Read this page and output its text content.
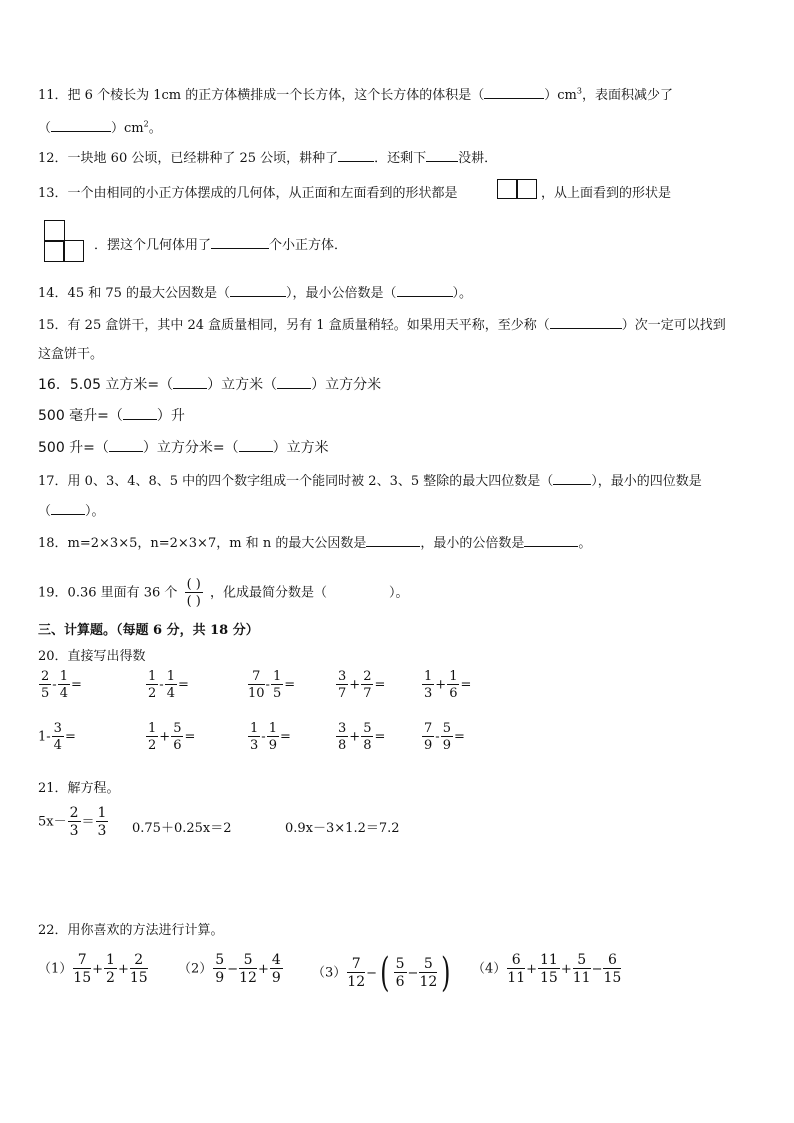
11．把 6 个棱长为 1cm 的正方体横排成一个长方体，这个长方体的体积是（	）$cm^3$，表面积减少了
（	）$cm^2$。
12．一块地 60 公顷，已经耕种了 25 公顷，耕种了	．还剩下 没耕．
13．一个由相同的小正方体摆成的几何体，从正面和左面看到的形状都是	，从上面看到的形状是
．摆这个几何体用了	个小正方体．
14．45 和 75 的最大公因数是（	），最小公倍数是（	）。
15．有 25 盒饼干，其中 24 盒质量相同，另有 1 盒质量稍轻。如果用天平称，至少称（	）次一定可以找到
这盒饼干。
16．5.05 立方米=（ ）立方米（ ）立方分米
500 毫升=（ ）升
500 升=（ ）立方分米=（ ）立方米
17．用 0、3、4、8、5 中的四个数字组成一个能同时被 2、3、5 整除的最大四位数是（	），最小的四位数是
（	）。
18．m=2×3×5，n=2×3×7，m 和 n 的最大公因数是	，最小的公倍数是	。
19．0.36 里面有 36 个 $\frac{( )}{( )}$ ，化成最简分数是（	）。
三、计算题。（每题 6 分，共 18 分）
20．直接写出得数
$\frac{2}{5} - \frac{1}{4}$ =	$\frac{1}{2} - \frac{1}{4}$ =	$\frac{7}{10} - \frac{1}{5}$ =	$\frac{3}{7} + \frac{2}{7}$ =	$\frac{1}{3} + \frac{1}{6}$ =
$1- \frac{3}{4}$ =	$\frac{1}{2} + \frac{5}{6}$ =	$\frac{1}{3} - \frac{1}{9}$ =	$\frac{3}{8} + \frac{5}{8}$ =	$\frac{7}{9} - \frac{5}{9}$ =
21．解方程。
$5x- \frac{2}{3} = \frac{1}{3} 0.75+0.25x=2$	0.9x－3×1.2＝7.2
22．用你喜欢的方法进行计算。
$(1) \frac{7}{15} + \frac{1}{2} + \frac{2}{15} (2) \frac{5}{9} - \frac{5}{12} + \frac{4}{9} (3) \frac{7}{12}$ −( $\frac{5}{6} - \frac{5}{12}$ ) $(4) \frac{6}{11} + \frac{11}{15} + \frac{5}{11} - \frac{6}{15}$
